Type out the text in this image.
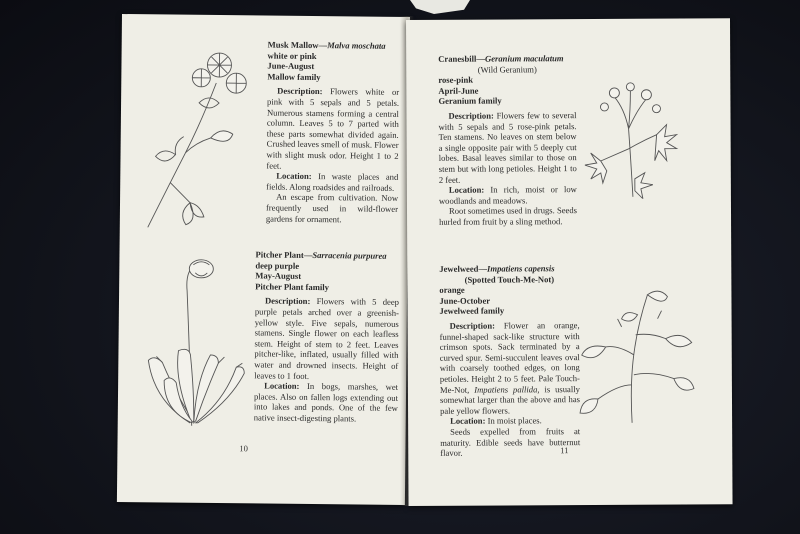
Musk Mallow—Malva moschata
white or pink
June-August
Mallow family

Description: Flowers white or pink with 5 sepals and 5 petals. Numerous stamens forming a central column. Leaves 5 to 7 parted with these parts somewhat divided again. Crushed leaves smell of musk. Flower with slight musk odor. Height 1 to 2 feet.

Location: In waste places and fields. Along roadsides and railroads.

An escape from cultivation. Now frequently used in wild-flower gardens for ornament.

Pitcher Plant—Sarracenia purpurea
deep purple
May-August
Pitcher Plant family

Description: Flowers with 5 deep purple petals arched over a greenish-yellow style. Five sepals, numerous stamens. Single flower on each leafless stem. Height of stem to 2 feet. Leaves pitcher-like, inflated, usually filled with water and drowned insects. Height of leaves to 1 foot.

Location: In bogs, marshes, wet places. Also on fallen logs extending out into lakes and ponds. One of the few native insect-digesting plants.

10
Cranesbill—Geranium maculatum
(Wild Geranium)
rose-pink
April-June
Geranium family

Description: Flowers few to several with 5 sepals and 5 rose-pink petals. Ten stamens. No leaves on stem below a single opposite pair with 5 deeply cut lobes. Basal leaves similar to those on stem but with long petioles. Height 1 to 2 feet.

Location: In rich, moist or low woodlands and meadows.

Root sometimes used in drugs. Seeds hurled from fruit by a sling method.

Jewelweed—Impatiens capensis
(Spotted Touch-Me-Not)
orange
June-October
Jewelweed family

Description: Flower an orange, funnel-shaped sack-like structure with crimson spots. Sack terminated by a curved spur. Semi-succulent leaves oval with coarsely toothed edges, on long petioles. Height 2 to 5 feet. Pale Touch-Me-Not, Impatiens pallida, is usually somewhat larger than the above and has pale yellow flowers.

Location: In moist places.

Seeds expelled from fruits at maturity. Edible seeds have butternut flavor.	11
